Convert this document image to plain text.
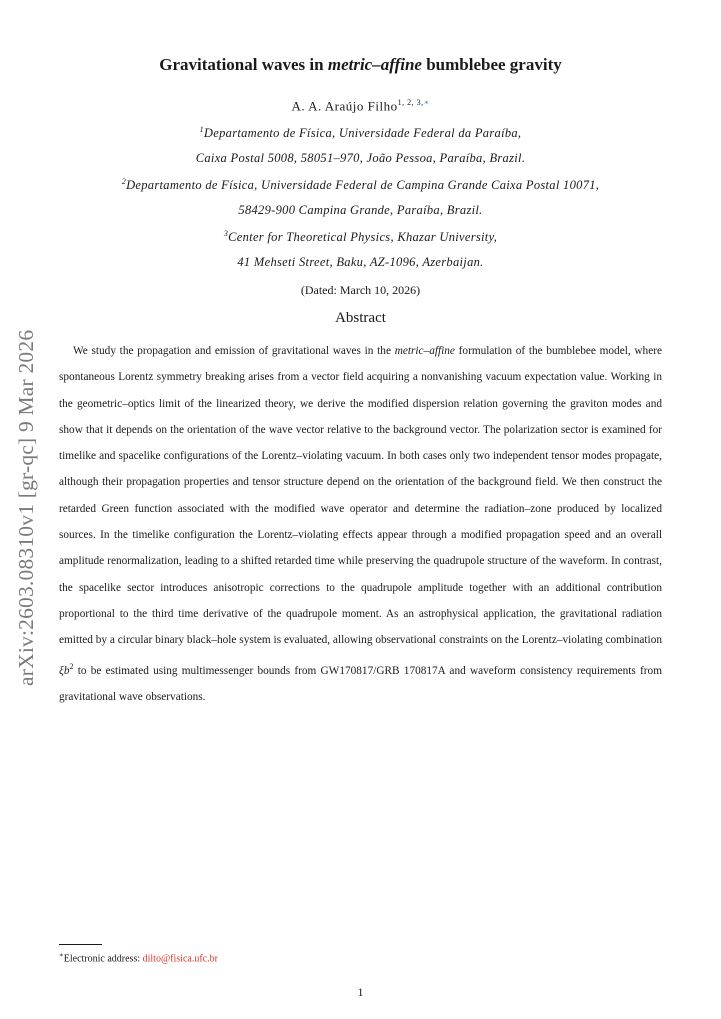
arXiv:2603.08310v1 [gr-qc] 9 Mar 2026
Gravitational waves in metric–affine bumblebee gravity
A. A. Araújo Filho$^{1, 2, 3,∗}$
$^1$Departamento de Física, Universidade Federal da Paraíba,
Caixa Postal 5008, 58051–970, João Pessoa, Paraíba, Brazil.
$^2$Departamento de Física, Universidade Federal de Campina Grande Caixa Postal 10071,
58429-900 Campina Grande, Paraíba, Brazil.
$^3$Center for Theoretical Physics, Khazar University,
41 Mehseti Street, Baku, AZ-1096, Azerbaijan.
(Dated: March 10, 2026)
Abstract
We study the propagation and emission of gravitational waves in the metric–affine formulation of the bumblebee model, where spontaneous Lorentz symmetry breaking arises from a vector field acquiring a nonvanishing vacuum expectation value. Working in the geometric–optics limit of the linearized theory, we derive the modified dispersion relation governing the graviton modes and show that it depends on the orientation of the wave vector relative to the background vector. The polarization sector is examined for timelike and spacelike configurations of the Lorentz–violating vacuum. In both cases only two independent tensor modes propagate, although their propagation properties and tensor structure depend on the orientation of the background field. We then construct the retarded Green function associated with the modified wave operator and determine the radiation–zone produced by localized sources. In the timelike configuration the Lorentz–violating effects appear through a modified propagation speed and an overall amplitude renormalization, leading to a shifted retarded time while preserving the quadrupole structure of the waveform. In contrast, the spacelike sector introduces anisotropic corrections to the quadrupole amplitude together with an additional contribution proportional to the third time derivative of the quadrupole moment. As an astrophysical application, the gravitational radiation emitted by a circular binary black–hole system is evaluated, allowing observational constraints on the Lorentz–violating combination $\xi b^2$ to be estimated using multimessenger bounds from GW170817/GRB 170817A and waveform consistency requirements from gravitational wave observations.
∗Electronic address: dilto@fisica.ufc.br
1
